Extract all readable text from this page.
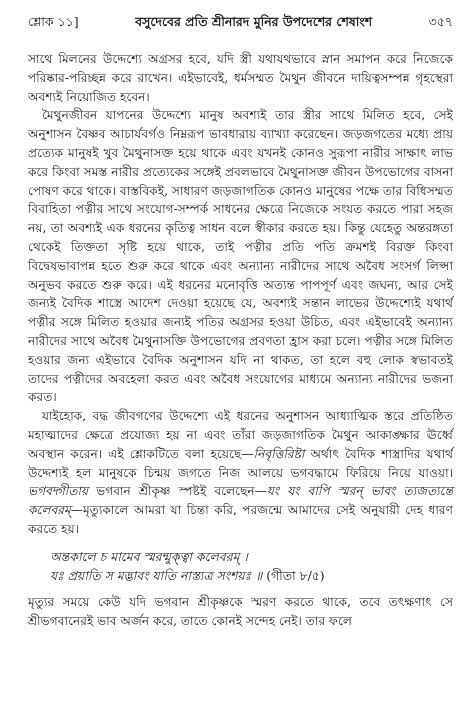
শ্লোক ১১]	বসুদেবের প্রতি শ্রীনারদ মুনির উপদেশের শেষাংশ	৩৫৭

সাথে মিলনের উদ্দেশ্যে অগ্রসর হবে, যদি স্ত্রী যথাযথভাবে স্নান সমাপন করে নিজেকে পরিষ্কার-পরিচ্ছন্ন করে রাখেন। এইভাবেই, ধর্মসম্মত মৈথুন জীবনে দায়িত্বসম্পন্ন গৃহস্থেরা অবশ্যই নিয়োজিত হবেন।

মৈথুনজীবন যাপনের উদ্দেশ্যে মানুষ অবশ্যই তার স্ত্রীর সাথে মিলিত হবে, সেই অনুশাসন বৈষ্ণব আচার্যবর্গও নিম্নরূপ ভাবধারায় ব্যাখ্যা করেছেন। জড়জগতের মধ্যে প্রায় প্রত্যেক মানুষই খুব মৈথুনাসক্ত হয়ে থাকে এবং যখনই কোনও সুরূপা নারীর সাক্ষাৎ লাভ করে কিংবা সমস্ত নারীর প্রত্যেকের সঙ্গেই প্রবলভাবে মৈথুনাসক্ত জীবন উপভোগের বাসনা পোষণ করে থাকে। বাস্তবিকই, সাধারণ জড়জাগতিক কোনও মানুষের পক্ষে তার বিধিসম্মত বিবাহিতা পত্নীর সাথে সংযোগ-সম্পর্ক সাধনের ক্ষেত্রে নিজেকে সংযত করতে পারা সহজ নয়, তা অবশ্যই এক ধরনের কৃতিত্ব সাধন বলে স্বীকার করতে হয়। কিন্তু যেহেতু অন্তরঙ্গতা থেকেই তিক্ততা সৃষ্টি হয়ে থাকে, তাই পত্নীর প্রতি পতি ক্রমশই বিরক্ত কিংবা বিদ্বেষভাবাপন্ন হতে শুরু করে থাকে এবং অন্যান্য নারীদের সাথে অবৈধ সংসর্গ লিপ্সা অনুভব করতে শুরু করে। এই ধরনের মনোবৃত্তি অত্যন্ত পাপপূর্ণ এবং জঘন্য, আর সেই জন্যই বৈদিক শাস্ত্রে আদেশ দেওয়া হয়েছে যে, অবশ্যই সন্তান লাভের উদ্দেশ্যেই যথার্থ পত্নীর সঙ্গে মিলিত হওয়ার জন্যই পতির অগ্রসর হওয়া উচিত, এবং এইভাবেই অন্যান্য নারীদের সাথে অবৈধ মৈথুনাসক্তি উপভোগের প্রবণতা হ্রাস করা চলে। পত্নীর সঙ্গে মিলিত হওয়ার জন্য এইভাবে বৈদিক অনুশাসন যদি না থাকত, তা হলে বহু লোক স্বভাবতই তাদের পত্নীদের অবহেলা করত এবং অবৈধ সংযোগের মাধ্যমে অন্যান্য নারীদের ভজনা করত।

যাইহোক, বদ্ধ জীবগণের উদ্দেশ্যে এই ধরনের অনুশাসন আধ্যাত্মিক স্তরে প্রতিষ্ঠিত মহাত্মাদের ক্ষেত্রে প্রযোজ্য হয় না এবং তাঁরা জড়জাগতিক মৈথুন আকাঙ্ক্ষার ঊর্ধ্বে অবস্থান করেন। এই শ্লোকটিতে বলা হয়েছে—নিবৃত্তিরিষ্টা অর্থাৎ বৈদিক শাস্ত্রাদির যথার্থ উদ্দেশ্যই হল মানুষকে চিন্ময় জগতে নিজ আলয়ে ভগবদ্ধামে ফিরিয়ে নিয়ে যাওয়া। ভগবদ্গীতায় ভগবান শ্রীকৃষ্ণ স্পষ্টই বলেছেন—যং যং বাপি স্মরন্ ভাবং ত্যজত্যন্তে কলেবরম্—মৃত্যুকালে আমরা যা চিন্তা করি, পরজন্মে আমাদের সেই অনুযায়ী দেহ ধারণ করতে হয়।

অন্তকালে চ মামেব স্মরন্মুক্ত্বা কলেবরম্ ।
যঃ প্রয়াতি স মদ্ভাবং যাতি নাস্ত্যত্র সংশয়ঃ ॥ (গীতা ৮/৫)

মৃত্যুর সময়ে কেউ যদি ভগবান শ্রীকৃষ্ণকে স্মরণ করতে থাকে, তবে তৎক্ষণাৎ সে শ্রীভগবানেরই ভাব অর্জন করে, তাতে কোনই সন্দেহ নেই। তার ফলে
